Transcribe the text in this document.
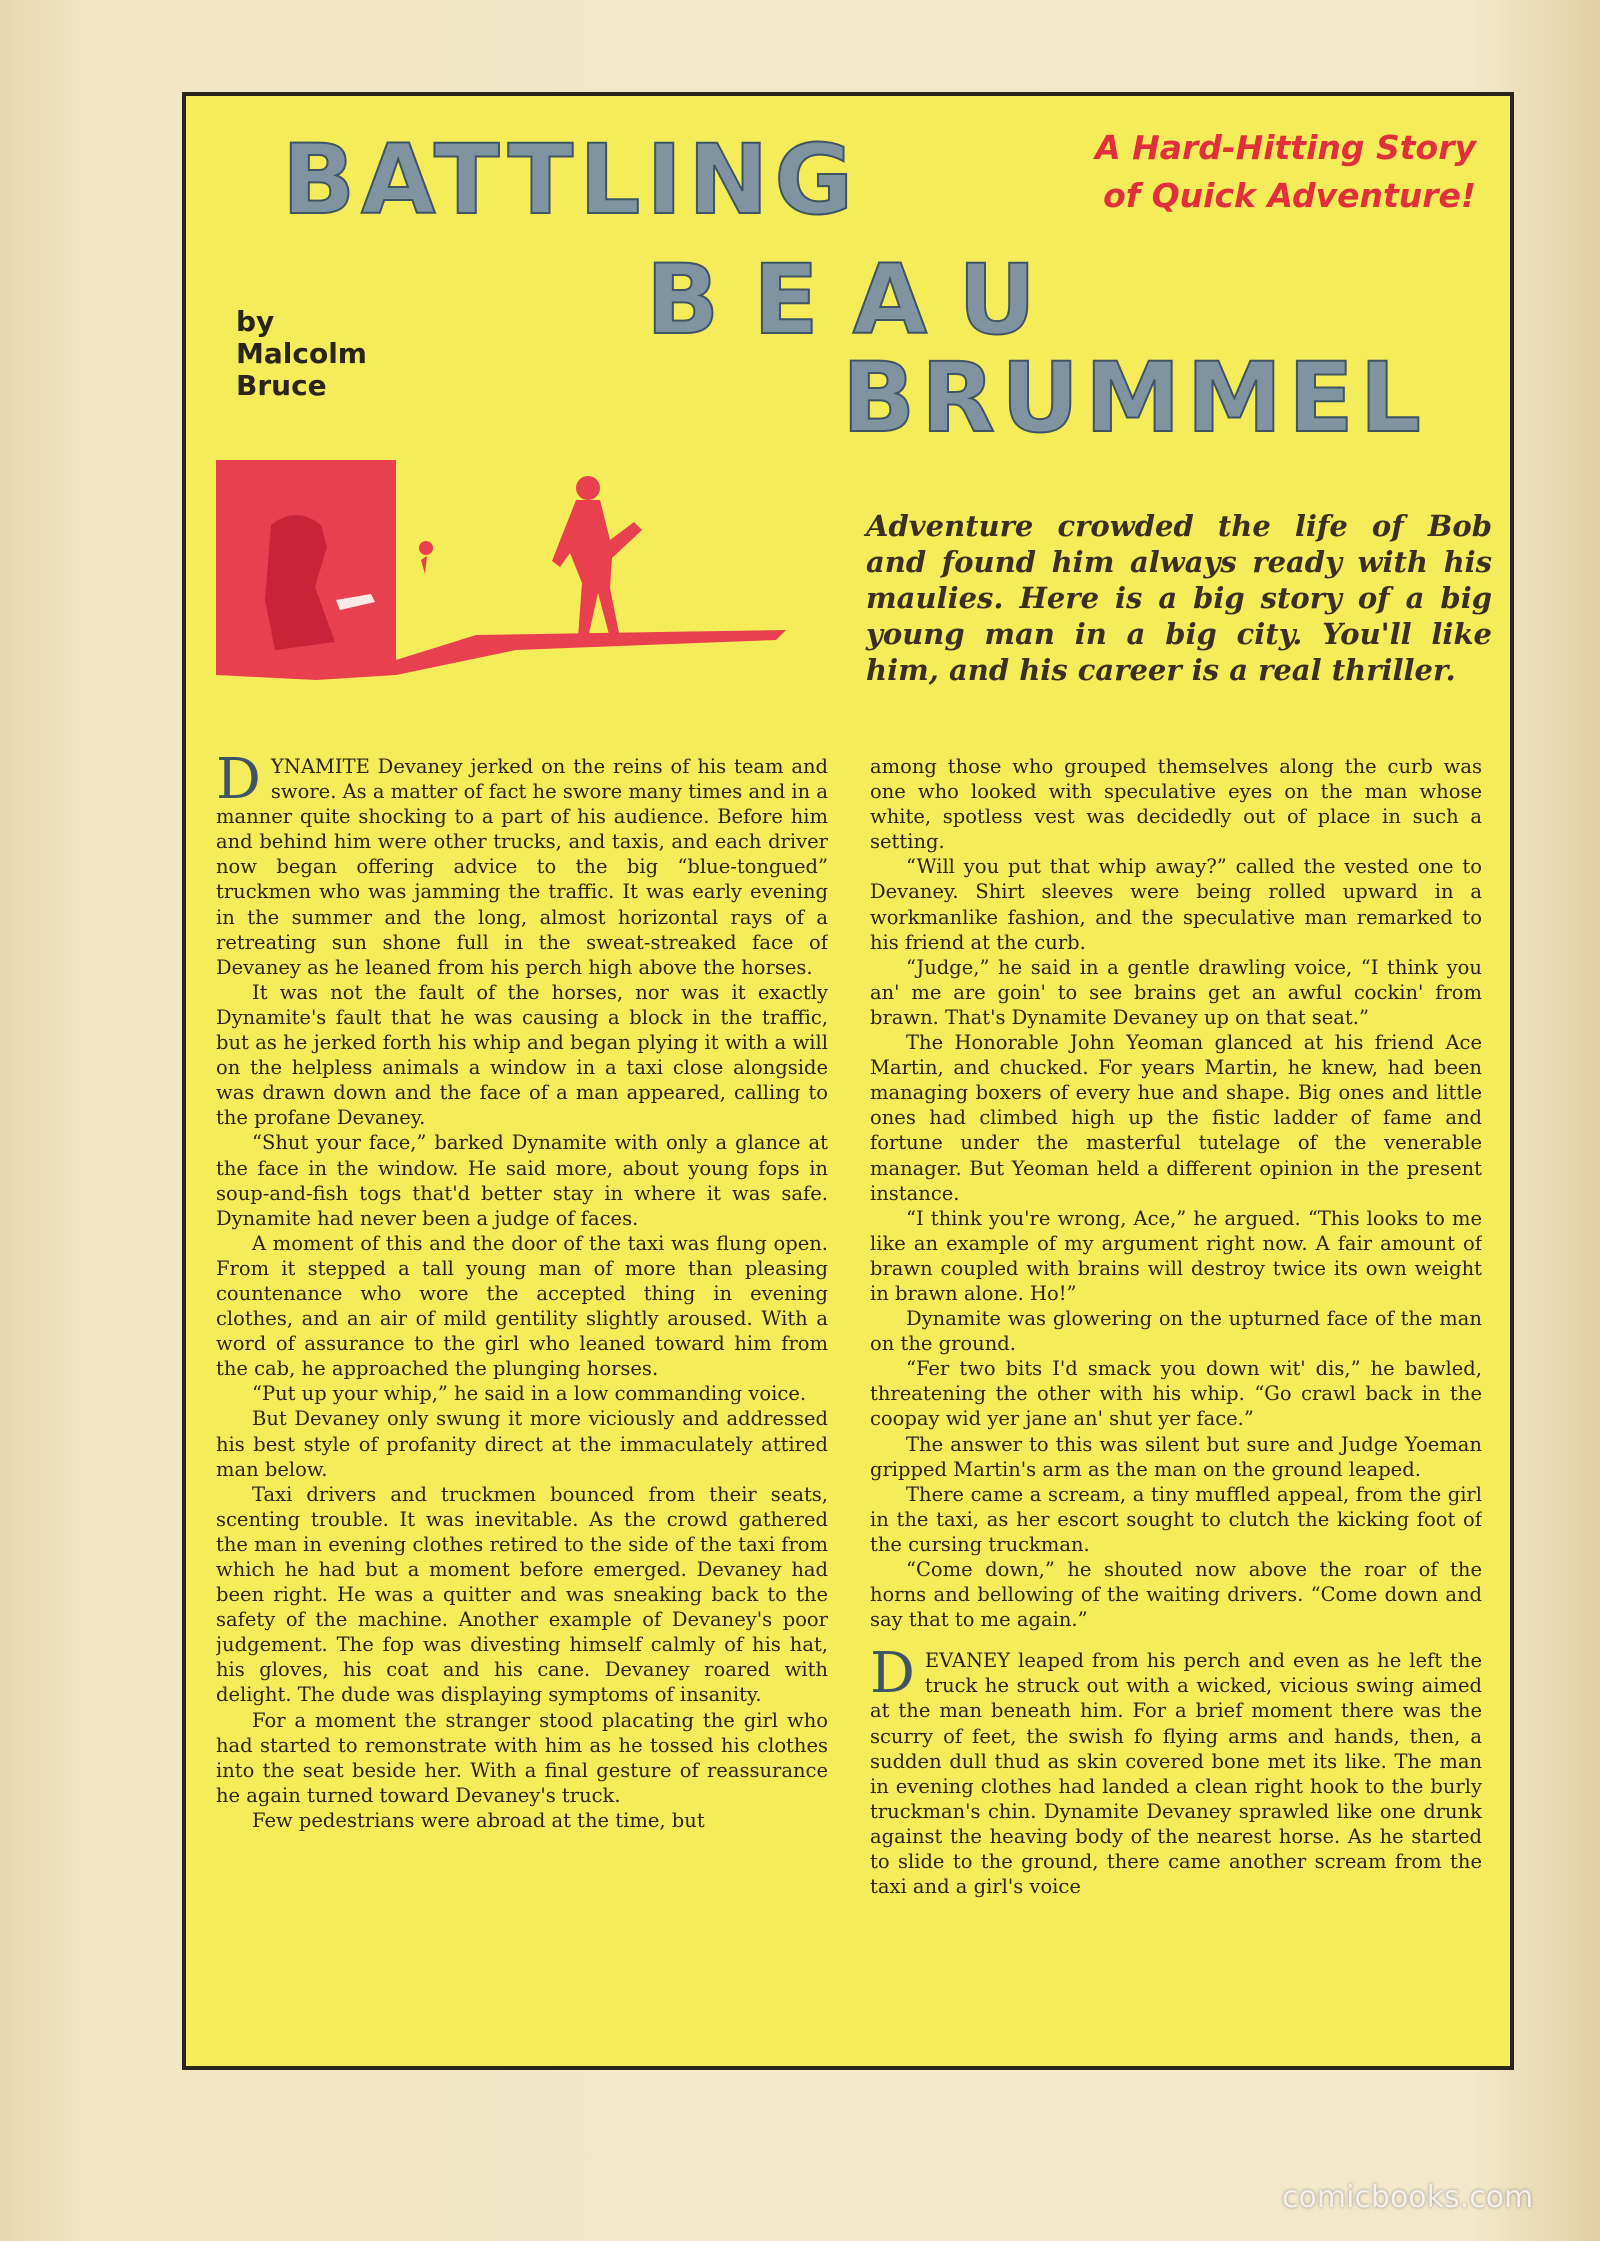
BATTLING
BEAU
BRUMMEL

A Hard-Hitting Story of Quick Adventure!

by
Malcolm
Bruce

Adventure crowded the life of Bob and found him always ready with his maulies. Here is a big story of a big young man in a big city. You'll like him, and his career is a real thriller.

DYNAMITE Devaney jerked on the reins of his team and swore. As a matter of fact he swore many times and in a manner quite shocking to a part of his audience. Before him and behind him were other trucks, and taxis, and each driver now began offering advice to the big “blue-tongued” truckmen who was jamming the traffic. It was early evening in the summer and the long, almost horizontal rays of a retreating sun shone full in the sweat-streaked face of Devaney as he leaned from his perch high above the horses.

It was not the fault of the horses, nor was it exactly Dynamite's fault that he was causing a block in the traffic, but as he jerked forth his whip and began plying it with a will on the helpless animals a window in a taxi close alongside was drawn down and the face of a man appeared, calling to the profane Devaney.

“Shut your face,” barked Dynamite with only a glance at the face in the window. He said more, about young fops in soup-and-fish togs that'd better stay in where it was safe. Dynamite had never been a judge of faces.

A moment of this and the door of the taxi was flung open. From it stepped a tall young man of more than pleasing countenance who wore the accepted thing in evening clothes, and an air of mild gentility slightly aroused. With a word of assurance to the girl who leaned toward him from the cab, he approached the plunging horses.

“Put up your whip,” he said in a low commanding voice.

But Devaney only swung it more viciously and addressed his best style of profanity direct at the immaculately attired man below.

Taxi drivers and truckmen bounced from their seats, scenting trouble. It was inevitable. As the crowd gathered the man in evening clothes retired to the side of the taxi from which he had but a moment before emerged. Devaney had been right. He was a quitter and was sneaking back to the safety of the machine. Another example of Devaney's poor judgement. The fop was divesting himself calmly of his hat, his gloves, his coat and his cane. Devaney roared with delight. The dude was displaying symptoms of insanity.

For a moment the stranger stood placating the girl who had started to remonstrate with him as he tossed his clothes into the seat beside her. With a final gesture of reassurance he again turned toward Devaney's truck.

Few pedestrians were abroad at the time, but

among those who grouped themselves along the curb was one who looked with speculative eyes on the man whose white, spotless vest was decidedly out of place in such a setting.

“Will you put that whip away?” called the vested one to Devaney. Shirt sleeves were being rolled upward in a workmanlike fashion, and the speculative man remarked to his friend at the curb.

“Judge,” he said in a gentle drawling voice, “I think you an' me are goin' to see brains get an awful cockin' from brawn. That's Dynamite Devaney up on that seat.”

The Honorable John Yeoman glanced at his friend Ace Martin, and chucked. For years Martin, he knew, had been managing boxers of every hue and shape. Big ones and little ones had climbed high up the fistic ladder of fame and fortune under the masterful tutelage of the venerable manager. But Yeoman held a different opinion in the present instance.

“I think you're wrong, Ace,” he argued. “This looks to me like an example of my argument right now. A fair amount of brawn coupled with brains will destroy twice its own weight in brawn alone. Ho!”

Dynamite was glowering on the upturned face of the man on the ground.

“Fer two bits I'd smack you down wit' dis,” he bawled, threatening the other with his whip. “Go crawl back in the coopay wid yer jane an' shut yer face.”

The answer to this was silent but sure and Judge Yoeman gripped Martin's arm as the man on the ground leaped.

There came a scream, a tiny muffled appeal, from the girl in the taxi, as her escort sought to clutch the kicking foot of the cursing truckman.

“Come down,” he shouted now above the roar of the horns and bellowing of the waiting drivers. “Come down and say that to me again.”

DEVANEY leaped from his perch and even as he left the truck he struck out with a wicked, vicious swing aimed at the man beneath him. For a brief moment there was the scurry of feet, the swish fo flying arms and hands, then, a sudden dull thud as skin covered bone met its like. The man in evening clothes had landed a clean right hook to the burly truckman's chin. Dynamite Devaney sprawled like one drunk against the heaving body of the nearest horse. As he started to slide to the ground, there came another scream from the taxi and a girl's voice

comicbooks.com
